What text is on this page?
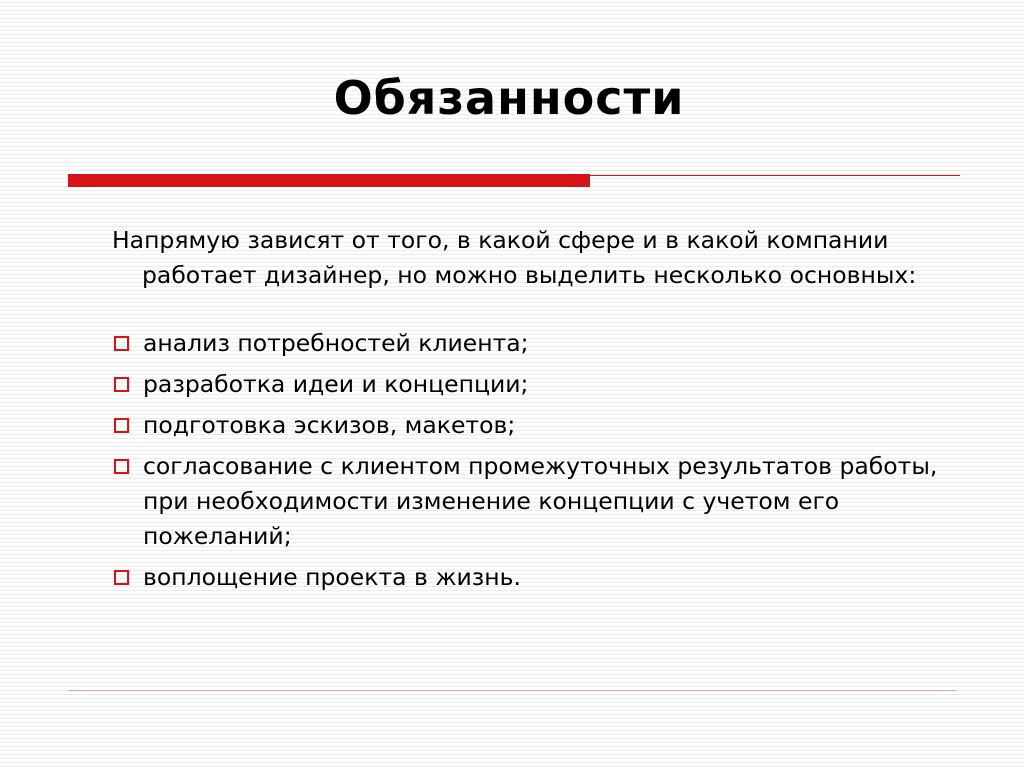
Обязанности

Напрямую зависят от того, в какой сфере и в какой компании работает дизайнер, но можно выделить несколько основных:

анализ потребностей клиента;
разработка идеи и концепции;
подготовка эскизов, макетов;
согласование с клиентом промежуточных результатов работы, при необходимости изменение концепции с учетом его пожеланий;
воплощение проекта в жизнь.
